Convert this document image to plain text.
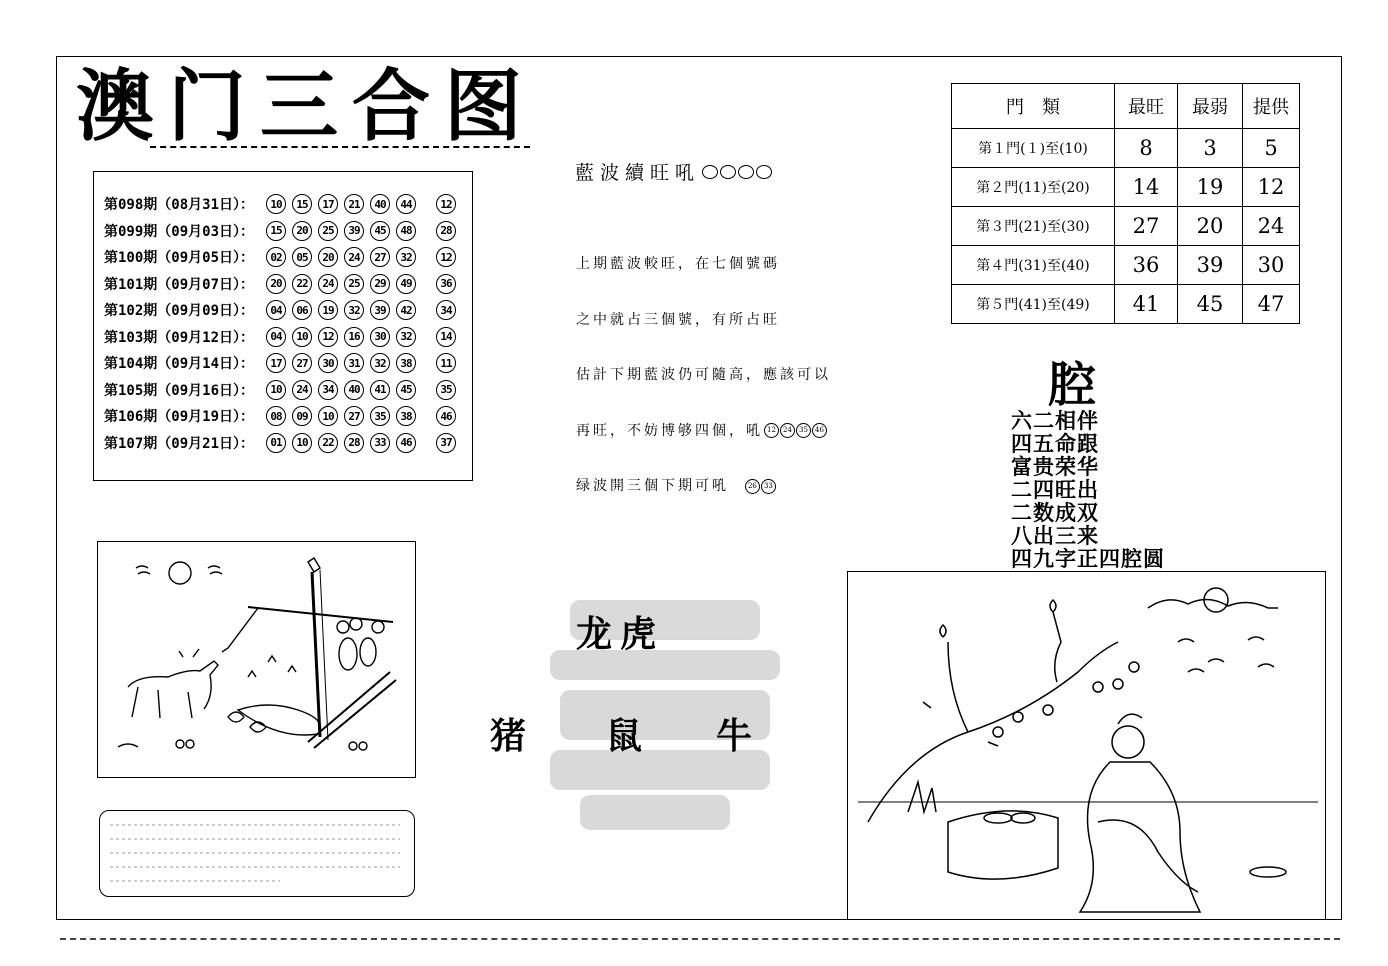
澳门三合图
第098期（08月31日）：	10	15	17	21	40	44	12
第099期（09月03日）：	15	20	25	39	45	48	28
第100期（09月05日）：	02	05	20	24	27	32	12
第101期（09月07日）：	20	22	24	25	29	49	36
第102期（09月09日）：	04	06	19	32	39	42	34
第103期（09月12日）：	04	10	12	16	30	32	14
第104期（09月14日）：	17	27	30	31	32	38	11
第105期（09月16日）：	10	24	34	40	41	45	35
第106期（09月19日）：	08	09	10	27	35	38	46
第107期（09月21日）：	01	10	22	28	33	46	37
藍波續旺吼

上期藍波較旺，在七個號碼

之中就占三個號，有所占旺

估計下期藍波仍可隨高，應該可以

再旺，不妨博够四個，吼 12 24 35 46

绿波開三個下期可吼	26 33

門　類	最旺	最弱	提供
第１門(１)至(10)	8	3	5
第２門(11)至(20)	14	19	12
第３門(21)至(30)	27	20	24
第４門(31)至(40)	36	39	30
第５門(41)至(49)	41	45	47
腔
六二相伴
四五命跟
富贵荣华
二四旺出
二数成双
八出三来
四九字正四腔圆
龙虎
猪 鼠 牛
